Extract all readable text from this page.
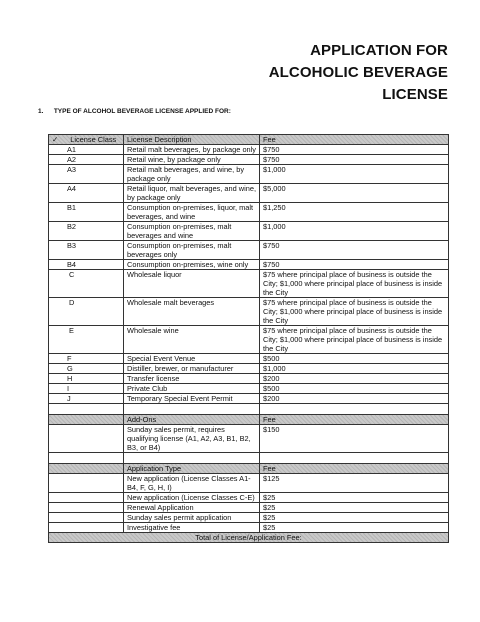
APPLICATION FOR
ALCOHOLIC BEVERAGE
LICENSE
1. TYPE OF ALCOHOL BEVERAGE LICENSE APPLIED FOR:
✓ License Class	License Description	Fee
A1	Retail malt beverages, by package only	$750
A2	Retail wine, by package only	$750
A3	Retail malt beverages, and wine, by package only	$1,000
A4	Retail liquor, malt beverages, and wine, by package only	$5,000
B1	Consumption on-premises, liquor, malt beverages, and wine	$1,250
B2	Consumption on-premises, malt beverages and wine	$1,000
B3	Consumption on-premises, malt beverages only	$750
B4	Consumption on-premises, wine only	$750
C	Wholesale liquor	$75 where principal place of business is outside the City; $1,000 where principal place of business is inside the City
D	Wholesale malt beverages	$75 where principal place of business is outside the City; $1,000 where principal place of business is inside the City
E	Wholesale wine	$75 where principal place of business is outside the City; $1,000 where principal place of business is inside the City
F	Special Event Venue	$500
G	Distiller, brewer, or manufacturer	$1,000
H	Transfer license	$200
I	Private Club	$500
J	Temporary Special Event Permit	$200

	Add-Ons	Fee
	Sunday sales permit, requires qualifying license (A1, A2, A3, B1, B2, B3, or B4)	$150

	Application Type	Fee
	New application (License Classes A1-B4, F, G, H, I)	$125
	New application (License Classes C-E)	$25
	Renewal Application	$25
	Sunday sales permit application	$25
	Investigative fee	$25
Total of License/Application Fee:		
